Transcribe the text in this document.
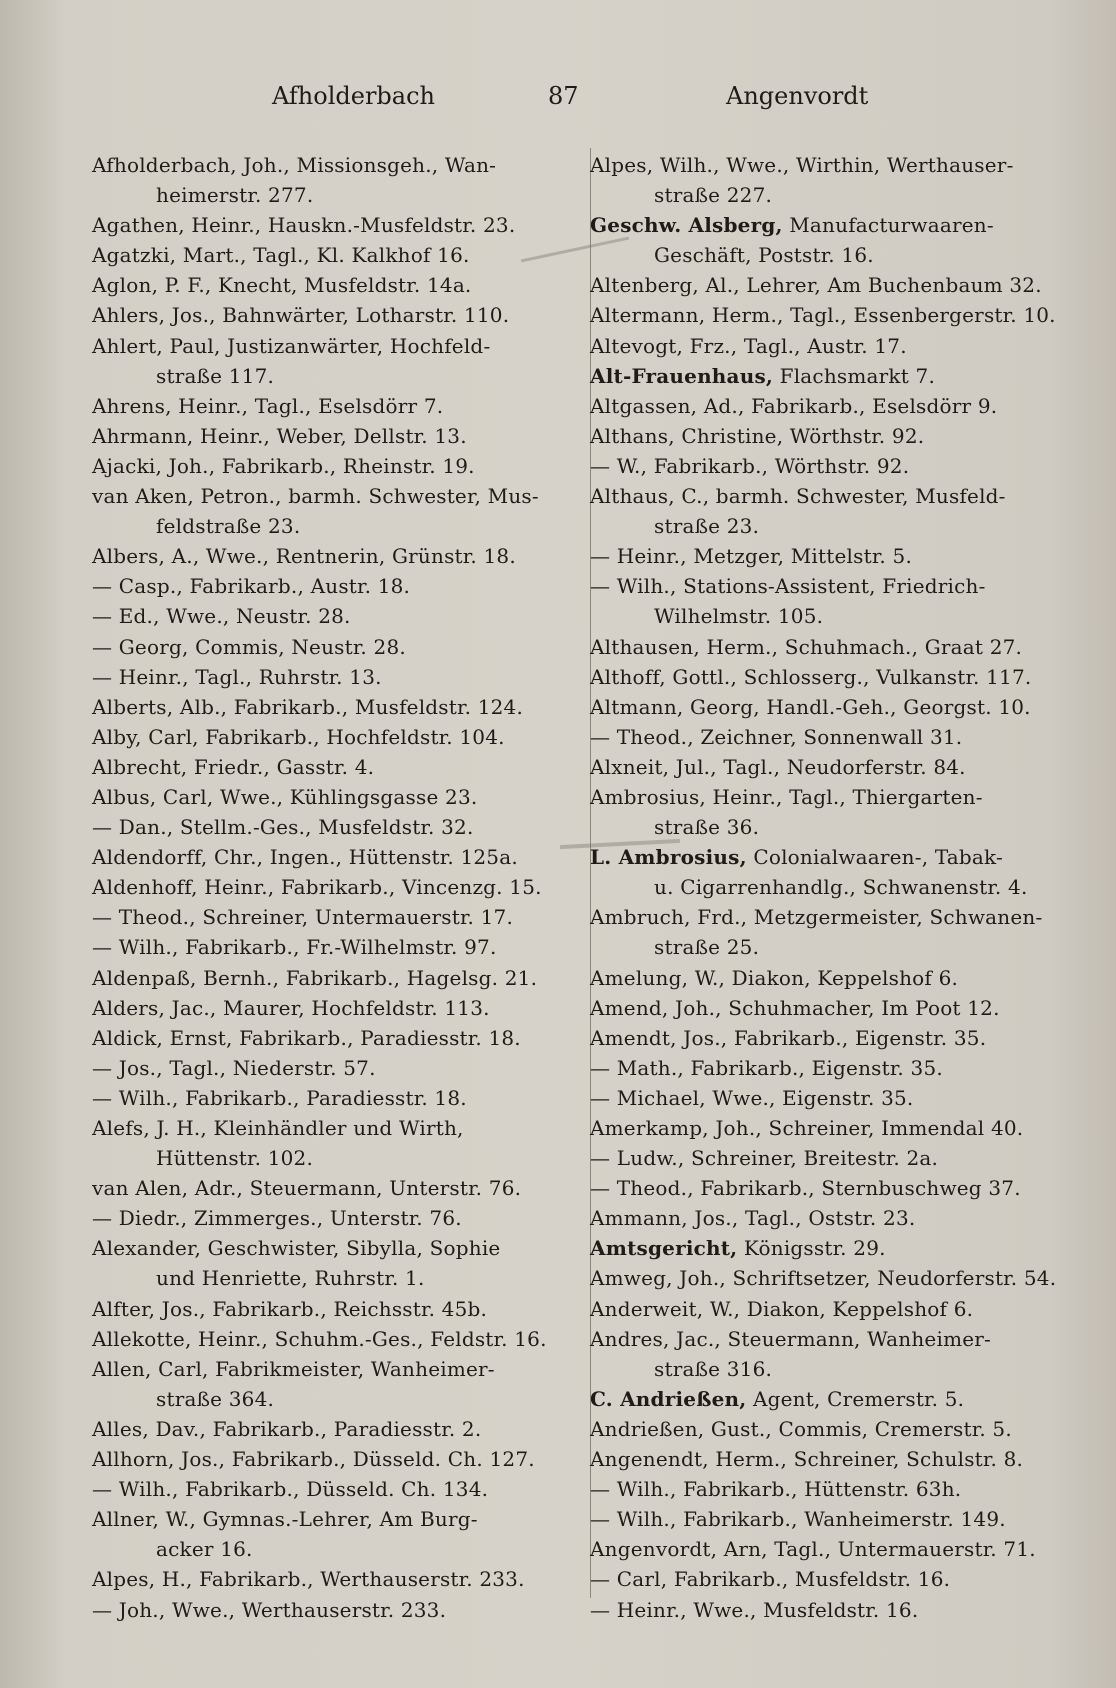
Afholderbach	87	Angenvordt
Afholderbach, Joh., Missionsgeh., Wan-
heimerstr. 277.
Agathen, Heinr., Hauskn.-Musfeldstr. 23.
Agatzki, Mart., Tagl., Kl. Kalkhof 16.
Aglon, P. F., Knecht, Musfeldstr. 14a.
Ahlers, Jos., Bahnwärter, Lotharstr. 110.
Ahlert, Paul, Justizanwärter, Hochfeld-
straße 117.
Ahrens, Heinr., Tagl., Eselsdörr 7.
Ahrmann, Heinr., Weber, Dellstr. 13.
Ajacki, Joh., Fabrikarb., Rheinstr. 19.
van Aken, Petron., barmh. Schwester, Mus-
feldstraße 23.
Albers, A., Wwe., Rentnerin, Grünstr. 18.
— Casp., Fabrikarb., Austr. 18.
— Ed., Wwe., Neustr. 28.
— Georg, Commis, Neustr. 28.
— Heinr., Tagl., Ruhrstr. 13.
Alberts, Alb., Fabrikarb., Musfeldstr. 124.
Alby, Carl, Fabrikarb., Hochfeldstr. 104.
Albrecht, Friedr., Gasstr. 4.
Albus, Carl, Wwe., Kühlingsgasse 23.
— Dan., Stellm.-Ges., Musfeldstr. 32.
Aldendorff, Chr., Ingen., Hüttenstr. 125a.
Aldenhoff, Heinr., Fabrikarb., Vincenzg. 15.
— Theod., Schreiner, Untermauerstr. 17.
— Wilh., Fabrikarb., Fr.-Wilhelmstr. 97.
Aldenpaß, Bernh., Fabrikarb., Hagelsg. 21.
Alders, Jac., Maurer, Hochfeldstr. 113.
Aldick, Ernst, Fabrikarb., Paradiesstr. 18.
— Jos., Tagl., Niederstr. 57.
— Wilh., Fabrikarb., Paradiesstr. 18.
Alefs, J. H., Kleinhändler und Wirth,
Hüttenstr. 102.
van Alen, Adr., Steuermann, Unterstr. 76.
— Diedr., Zimmerges., Unterstr. 76.
Alexander, Geschwister, Sibylla, Sophie
und Henriette, Ruhrstr. 1.
Alfter, Jos., Fabrikarb., Reichsstr. 45b.
Allekotte, Heinr., Schuhm.-Ges., Feldstr. 16.
Allen, Carl, Fabrikmeister, Wanheimer-
straße 364.
Alles, Dav., Fabrikarb., Paradiesstr. 2.
Allhorn, Jos., Fabrikarb., Düsseld. Ch. 127.
— Wilh., Fabrikarb., Düsseld. Ch. 134.
Allner, W., Gymnas.-Lehrer, Am Burg-
acker 16.
Alpes, H., Fabrikarb., Werthauserstr. 233.
— Joh., Wwe., Werthauserstr. 233.
Alpes, Wilh., Wwe., Wirthin, Werthauser-
straße 227.
Geschw. Alsberg, Manufacturwaaren-
Geschäft, Poststr. 16.
Altenberg, Al., Lehrer, Am Buchenbaum 32.
Altermann, Herm., Tagl., Essenbergerstr. 10.
Altevogt, Frz., Tagl., Austr. 17.
Alt-Frauenhaus, Flachsmarkt 7.
Altgassen, Ad., Fabrikarb., Eselsdörr 9.
Althans, Christine, Wörthstr. 92.
— W., Fabrikarb., Wörthstr. 92.
Althaus, C., barmh. Schwester, Musfeld-
straße 23.
— Heinr., Metzger, Mittelstr. 5.
— Wilh., Stations-Assistent, Friedrich-
Wilhelmstr. 105.
Althausen, Herm., Schuhmach., Graat 27.
Althoff, Gottl., Schlosserg., Vulkanstr. 117.
Altmann, Georg, Handl.-Geh., Georgst. 10.
— Theod., Zeichner, Sonnenwall 31.
Alxneit, Jul., Tagl., Neudorferstr. 84.
Ambrosius, Heinr., Tagl., Thiergarten-
straße 36.
L. Ambrosius, Colonialwaaren-, Tabak-
u. Cigarrenhandlg., Schwanenstr. 4.
Ambruch, Frd., Metzgermeister, Schwanen-
straße 25.
Amelung, W., Diakon, Keppelshof 6.
Amend, Joh., Schuhmacher, Im Poot 12.
Amendt, Jos., Fabrikarb., Eigenstr. 35.
— Math., Fabrikarb., Eigenstr. 35.
— Michael, Wwe., Eigenstr. 35.
Amerkamp, Joh., Schreiner, Immendal 40.
— Ludw., Schreiner, Breitestr. 2a.
— Theod., Fabrikarb., Sternbuschweg 37.
Ammann, Jos., Tagl., Oststr. 23.
Amtsgericht, Königsstr. 29.
Amweg, Joh., Schriftsetzer, Neudorferstr. 54.
Anderweit, W., Diakon, Keppelshof 6.
Andres, Jac., Steuermann, Wanheimer-
straße 316.
C. Andrießen, Agent, Cremerstr. 5.
Andrießen, Gust., Commis, Cremerstr. 5.
Angenendt, Herm., Schreiner, Schulstr. 8.
— Wilh., Fabrikarb., Hüttenstr. 63h.
— Wilh., Fabrikarb., Wanheimerstr. 149.
Angenvordt, Arn, Tagl., Untermauerstr. 71.
— Carl, Fabrikarb., Musfeldstr. 16.
— Heinr., Wwe., Musfeldstr. 16.
